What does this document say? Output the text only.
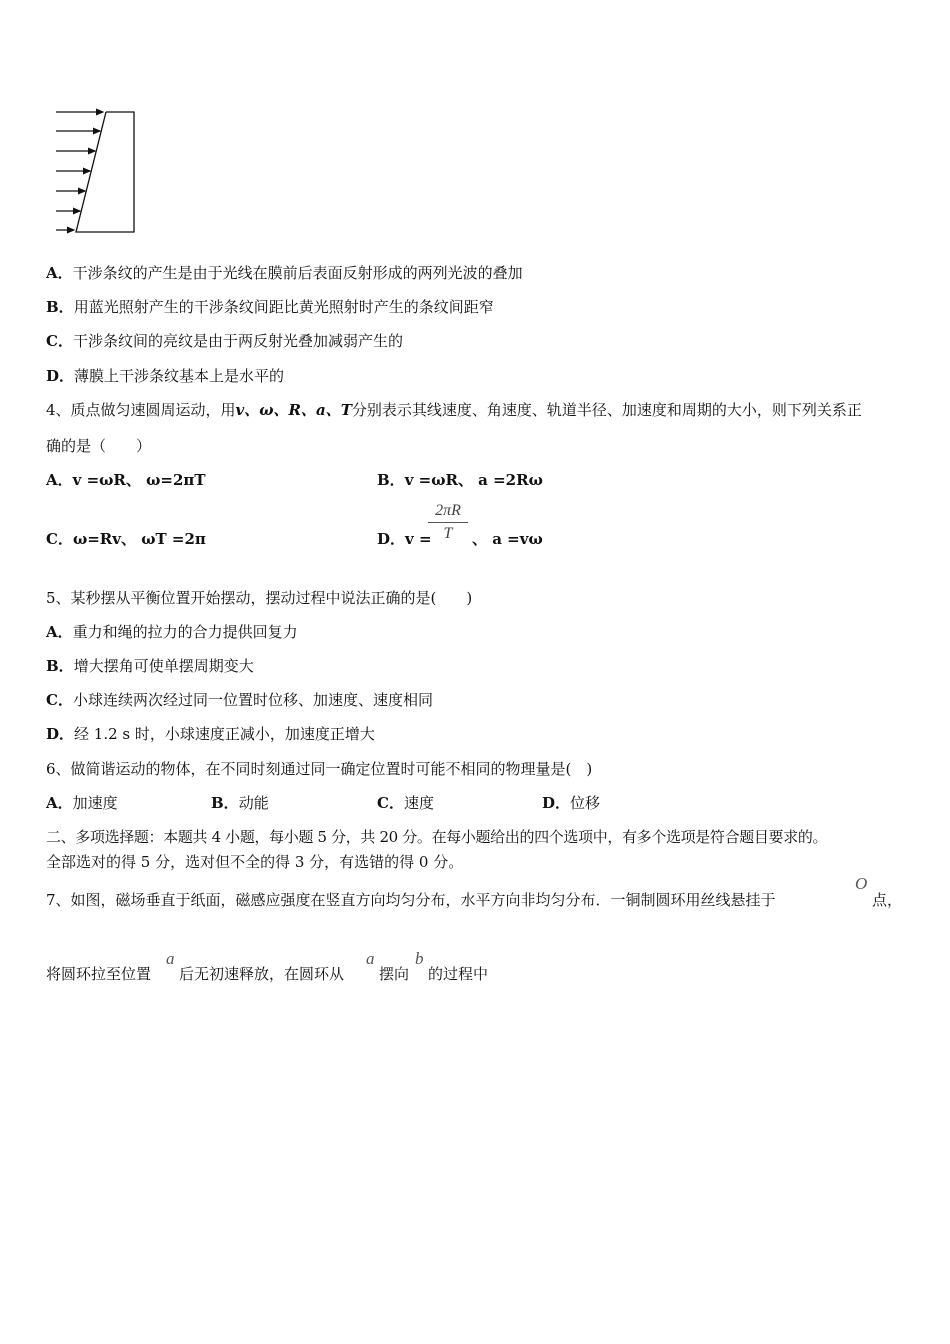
A．干涉条纹的产生是由于光线在膜前后表面反射形成的两列光波的叠加
B．用蓝光照射产生的干涉条纹间距比黄光照射时产生的条纹间距窄
C．干涉条纹间的亮纹是由于两反射光叠加减弱产生的
D．薄膜上干涉条纹基本上是水平的
4、质点做匀速圆周运动，用v、ω、R、a、T分别表示其线速度、角速度、轨道半径、加速度和周期的大小，则下列关系正
确的是（　　）
A．v =ωR、 ω=2πT	B．v =ωR、 a =2Rω
C．ω=Rv、 ωT =2π	D．v =
2πR
T	、 a =vω
5、某秒摆从平衡位置开始摆动，摆动过程中说法正确的是(　　)
A．重力和绳的拉力的合力提供回复力
B．增大摆角可使单摆周期变大
C．小球连续两次经过同一位置时位移、加速度、速度相同
D．经 1.2 s 时，小球速度正减小，加速度正增大
6、做简谐运动的物体，在不同时刻通过同一确定位置时可能不相同的物理量是(　)
A．加速度	B．动能	C．速度	D．位移
二、多项选择题：本题共 4 小题，每小题 5 分，共 20 分。在每小题给出的四个选项中，有多个选项是符合题目要求的。
全部选对的得 5 分，选对但不全的得 3 分，有选错的得 0 分。
7、如图，磁场垂直于纸面，磁感应强度在竖直方向均匀分布，水平方向非均匀分布．一铜制圆环用丝线悬挂于
O
点，
将圆环拉至位置
a
后无初速释放，在圆环从
a
摆向
b
的过程中
